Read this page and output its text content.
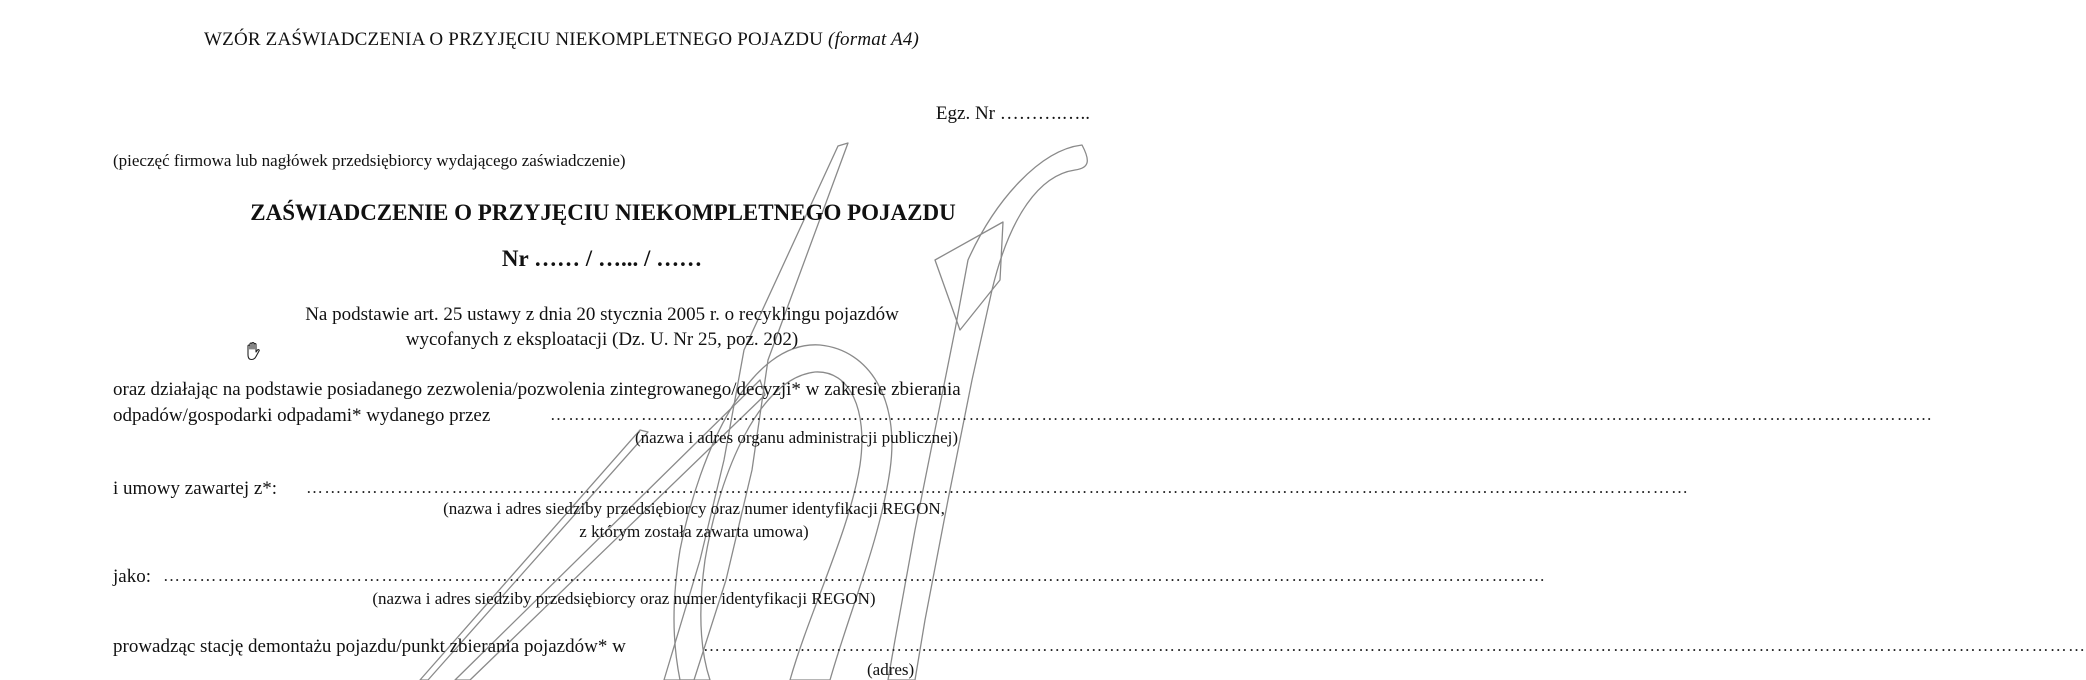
WZÓR ZAŚWIADCZENIA O PRZYJĘCIU NIEKOMPLETNEGO POJAZDU (format A4)
Egz. Nr ……….…..
(pieczęć firmowa lub nagłówek przedsiębiorcy wydającego zaświadczenie)
ZAŚWIADCZENIE O PRZYJĘCIU NIEKOMPLETNEGO POJAZDU
Nr …… / …... / ……
Na podstawie art. 25 ustawy z dnia 20 stycznia 2005 r. o recyklingu pojazdów
wycofanych z eksploatacji (Dz. U. Nr 25, poz. 202)
oraz działając na podstawie posiadanego zezwolenia/pozwolenia zintegrowanego/decyzji* w zakresie zbierania
odpadów/gospodarki odpadami* wydanego przez	…………………………………………………………………………………………………………………………………………………………………………………………………………
(nazwa i adres organu administracji publicznej)
i umowy zawartej z*: …………………………………………………………………………………………………………………………………………………………………………………………………………
(nazwa i adres siedziby przedsiębiorcy oraz numer identyfikacji REGON,
z którym została zawarta umowa)
jako: …………………………………………………………………………………………………………………………………………………………………………………………………………
(nazwa i adres siedziby przedsiębiorcy oraz numer identyfikacji REGON)
prowadząc stację demontażu pojazdu/punkt zbierania pojazdów* w	…………………………………………………………………………………………………………………………………………………………………………………………………………
(adres)
